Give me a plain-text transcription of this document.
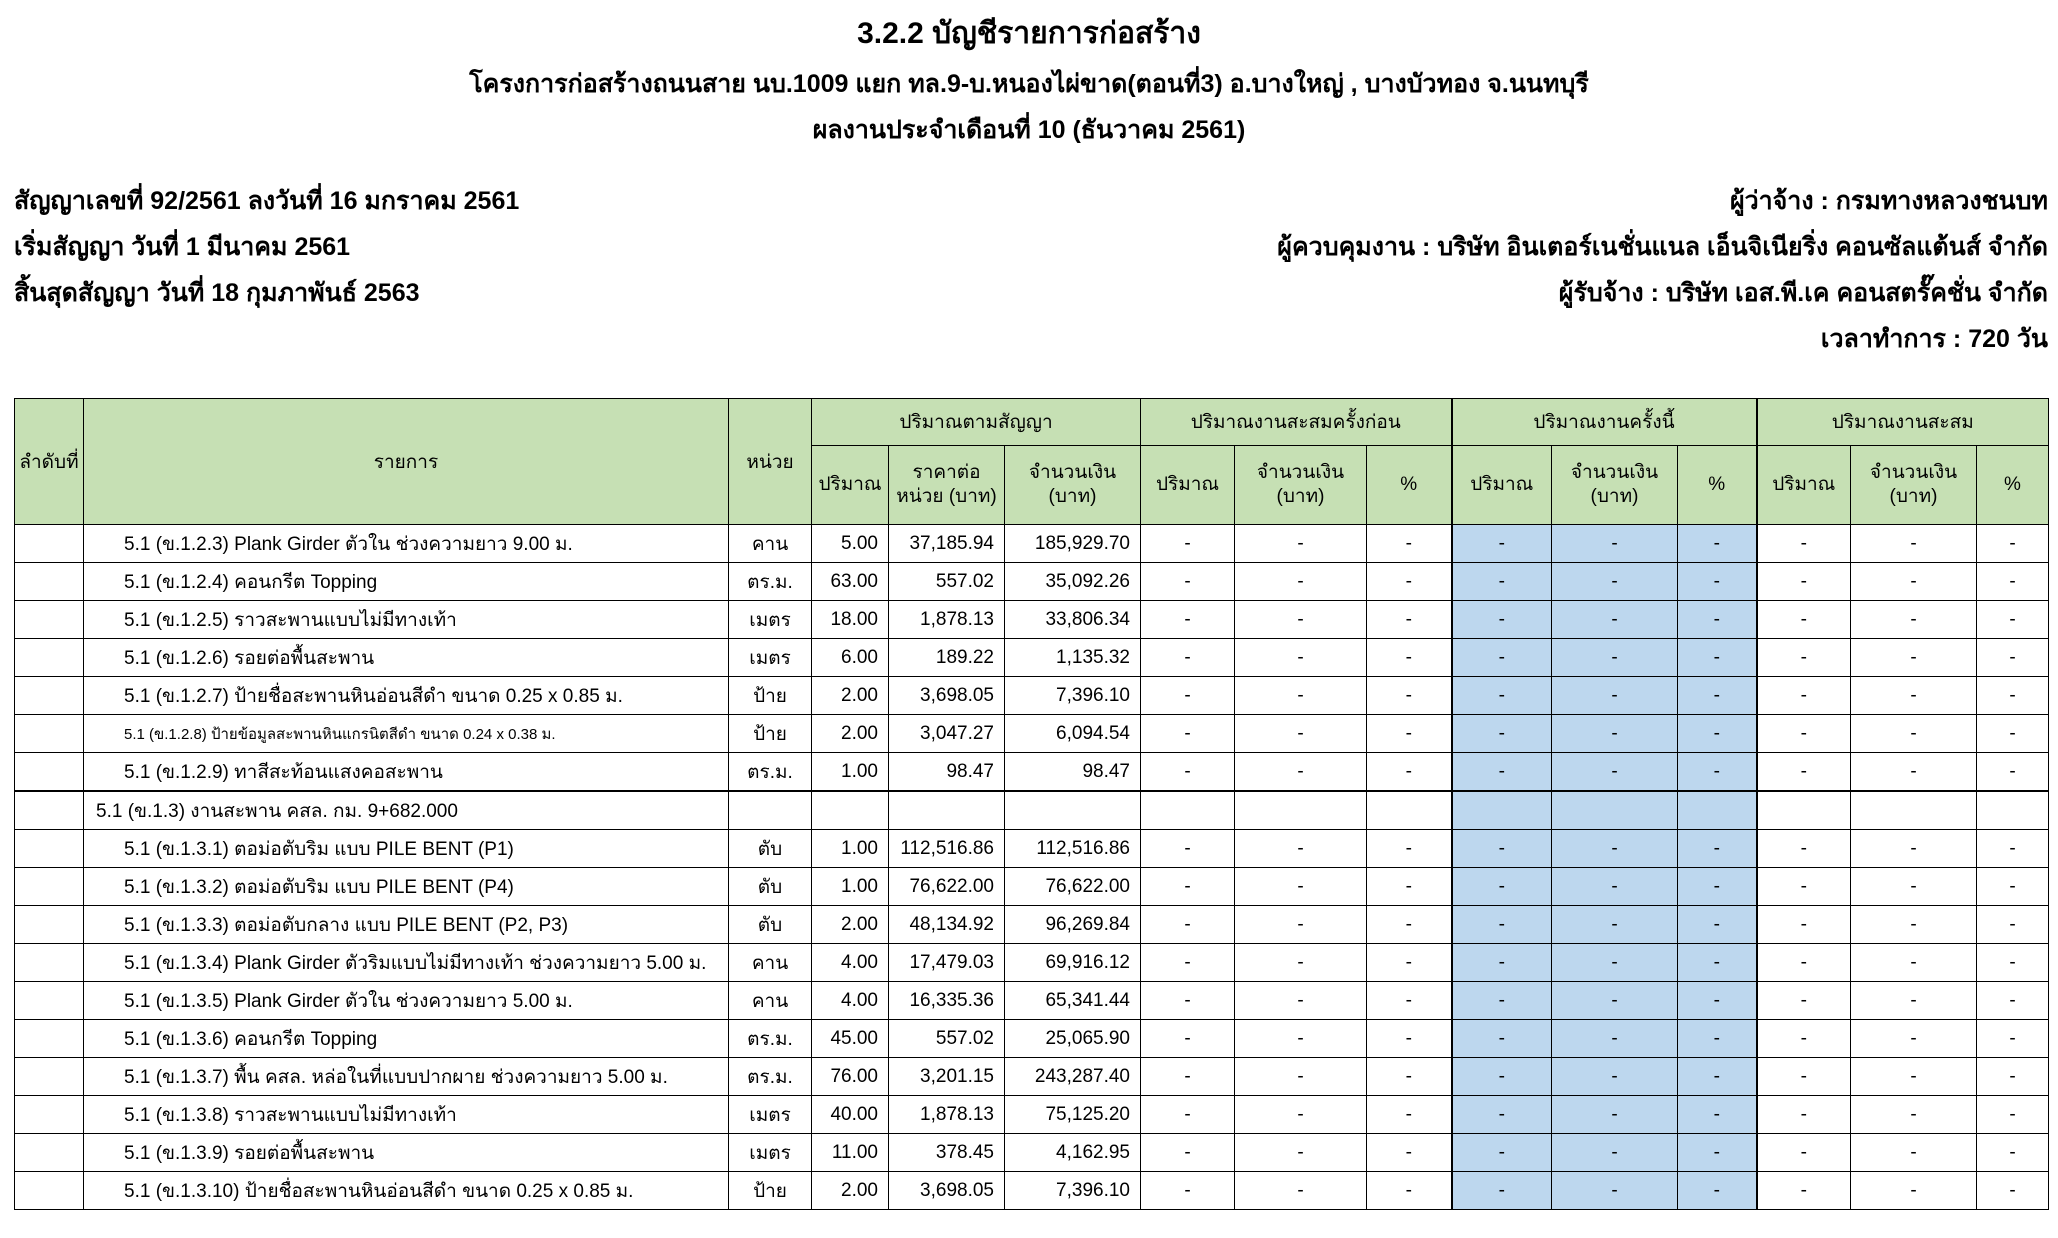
3.2.2 บัญชีรายการก่อสร้าง
โครงการก่อสร้างถนนสาย นบ.1009 แยก ทล.9-บ.หนองไผ่ขาด(ตอนที่3) อ.บางใหญ่ , บางบัวทอง จ.นนทบุรี
ผลงานประจำเดือนที่ 10 (ธันวาคม 2561)
สัญญาเลขที่ 92/2561 ลงวันที่ 16 มกราคม 2561	ผู้ว่าจ้าง : กรมทางหลวงชนบท
เริ่มสัญญา วันที่ 1 มีนาคม 2561	ผู้ควบคุมงาน : บริษัท อินเตอร์เนชั่นแนล เอ็นจิเนียริ่ง คอนซัลแต้นส์ จำกัด
สิ้นสุดสัญญา วันที่ 18 กุมภาพันธ์ 2563	ผู้รับจ้าง : บริษัท เอส.พี.เค คอนสตรั๊คชั่น จำกัด
เวลาทำการ : 720 วัน
ลำดับที่	รายการ	หน่วย	ปริมาณตามสัญญา			ปริมาณงานสะสมครั้งก่อน			ปริมาณงานครั้งนี้			ปริมาณงานสะสม		
			ปริมาณ	ราคาต่อหน่วย (บาท)	จำนวนเงิน (บาท)	ปริมาณ	จำนวนเงิน (บาท)	%	ปริมาณ	จำนวนเงิน (บาท)	%	ปริมาณ	จำนวนเงิน (บาท)	%
	5.1 (ข.1.2.3) Plank Girder ตัวใน ช่วงความยาว 9.00 ม.	คาน	5.00	37,185.94	185,929.70	-	-	-	-	-	-	-	-	-
	5.1 (ข.1.2.4) คอนกรีต Topping	ตร.ม.	63.00	557.02	35,092.26	-	-	-	-	-	-	-	-	-
	5.1 (ข.1.2.5) ราวสะพานแบบไม่มีทางเท้า	เมตร	18.00	1,878.13	33,806.34	-	-	-	-	-	-	-	-	-
	5.1 (ข.1.2.6) รอยต่อพื้นสะพาน	เมตร	6.00	189.22	1,135.32	-	-	-	-	-	-	-	-	-
	5.1 (ข.1.2.7) ป้ายชื่อสะพานหินอ่อนสีดำ ขนาด 0.25 x 0.85 ม.	ป้าย	2.00	3,698.05	7,396.10	-	-	-	-	-	-	-	-	-
	5.1 (ข.1.2.8) ป้ายข้อมูลสะพานหินแกรนิตสีดำ ขนาด 0.24 x 0.38 ม.	ป้าย	2.00	3,047.27	6,094.54	-	-	-	-	-	-	-	-	-
	5.1 (ข.1.2.9) ทาสีสะท้อนแสงคอสะพาน	ตร.ม.	1.00	98.47	98.47	-	-	-	-	-	-	-	-	-
	5.1 (ข.1.3) งานสะพาน คสล. กม. 9+682.000													
	5.1 (ข.1.3.1) ตอม่อตับริม แบบ PILE BENT (P1)	ตับ	1.00	112,516.86	112,516.86	-	-	-	-	-	-	-	-	-
	5.1 (ข.1.3.2) ตอม่อตับริม แบบ PILE BENT (P4)	ตับ	1.00	76,622.00	76,622.00	-	-	-	-	-	-	-	-	-
	5.1 (ข.1.3.3) ตอม่อตับกลาง แบบ PILE BENT (P2, P3)	ตับ	2.00	48,134.92	96,269.84	-	-	-	-	-	-	-	-	-
	5.1 (ข.1.3.4) Plank Girder ตัวริมแบบไม่มีทางเท้า ช่วงความยาว 5.00 ม.	คาน	4.00	17,479.03	69,916.12	-	-	-	-	-	-	-	-	-
	5.1 (ข.1.3.5) Plank Girder ตัวใน ช่วงความยาว 5.00 ม.	คาน	4.00	16,335.36	65,341.44	-	-	-	-	-	-	-	-	-
	5.1 (ข.1.3.6) คอนกรีต Topping	ตร.ม.	45.00	557.02	25,065.90	-	-	-	-	-	-	-	-	-
	5.1 (ข.1.3.7) พื้น คสล. หล่อในที่แบบปากผาย ช่วงความยาว 5.00 ม.	ตร.ม.	76.00	3,201.15	243,287.40	-	-	-	-	-	-	-	-	-
	5.1 (ข.1.3.8) ราวสะพานแบบไม่มีทางเท้า	เมตร	40.00	1,878.13	75,125.20	-	-	-	-	-	-	-	-	-
	5.1 (ข.1.3.9) รอยต่อพื้นสะพาน	เมตร	11.00	378.45	4,162.95	-	-	-	-	-	-	-	-	-
	5.1 (ข.1.3.10) ป้ายชื่อสะพานหินอ่อนสีดำ ขนาด 0.25 x 0.85 ม.	ป้าย	2.00	3,698.05	7,396.10	-	-	-	-	-	-	-	-	-
